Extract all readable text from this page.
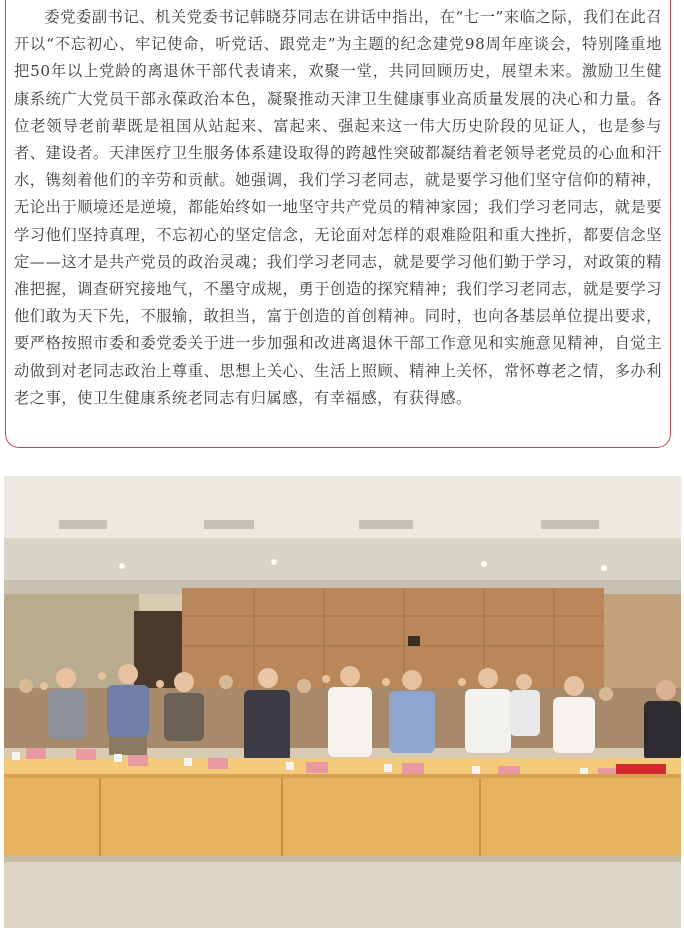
委党委副书记、机关党委书记韩晓芬同志在讲话中指出，在“七一”来临之际，我们在此召开以“不忘初心、牢记使命，听党话、跟党走”为主题的纪念建党98周年座谈会，特别隆重地把50年以上党龄的离退休干部代表请来，欢聚一堂，共同回顾历史，展望未来。激励卫生健康系统广大党员干部永葆政治本色，凝聚推动天津卫生健康事业高质量发展的决心和力量。各位老领导老前辈既是祖国从站起来、富起来、强起来这一伟大历史阶段的见证人，也是参与者、建设者。天津医疗卫生服务体系建设取得的跨越性突破都凝结着老领导老党员的心血和汗水，镌刻着他们的辛劳和贡献。她强调，我们学习老同志，就是要学习他们坚守信仰的精神，无论出于顺境还是逆境，都能始终如一地坚守共产党员的精神家园；我们学习老同志，就是要学习他们坚持真理，不忘初心的坚定信念，无论面对怎样的艰难险阻和重大挫折，都要信念坚定——这才是共产党员的政治灵魂；我们学习老同志，就是要学习他们勤于学习，对政策的精准把握，调查研究接地气，不墨守成规，勇于创造的探究精神；我们学习老同志，就是要学习他们敢为天下先，不服输，敢担当，富于创造的首创精神。同时，也向各基层单位提出要求，要严格按照市委和委党委关于进一步加强和改进离退休干部工作意见和实施意见精神，自觉主动做到对老同志政治上尊重、思想上关心、生活上照顾、精神上关怀，常怀尊老之情，多办利老之事，使卫生健康系统老同志有归属感，有幸福感，有获得感。
